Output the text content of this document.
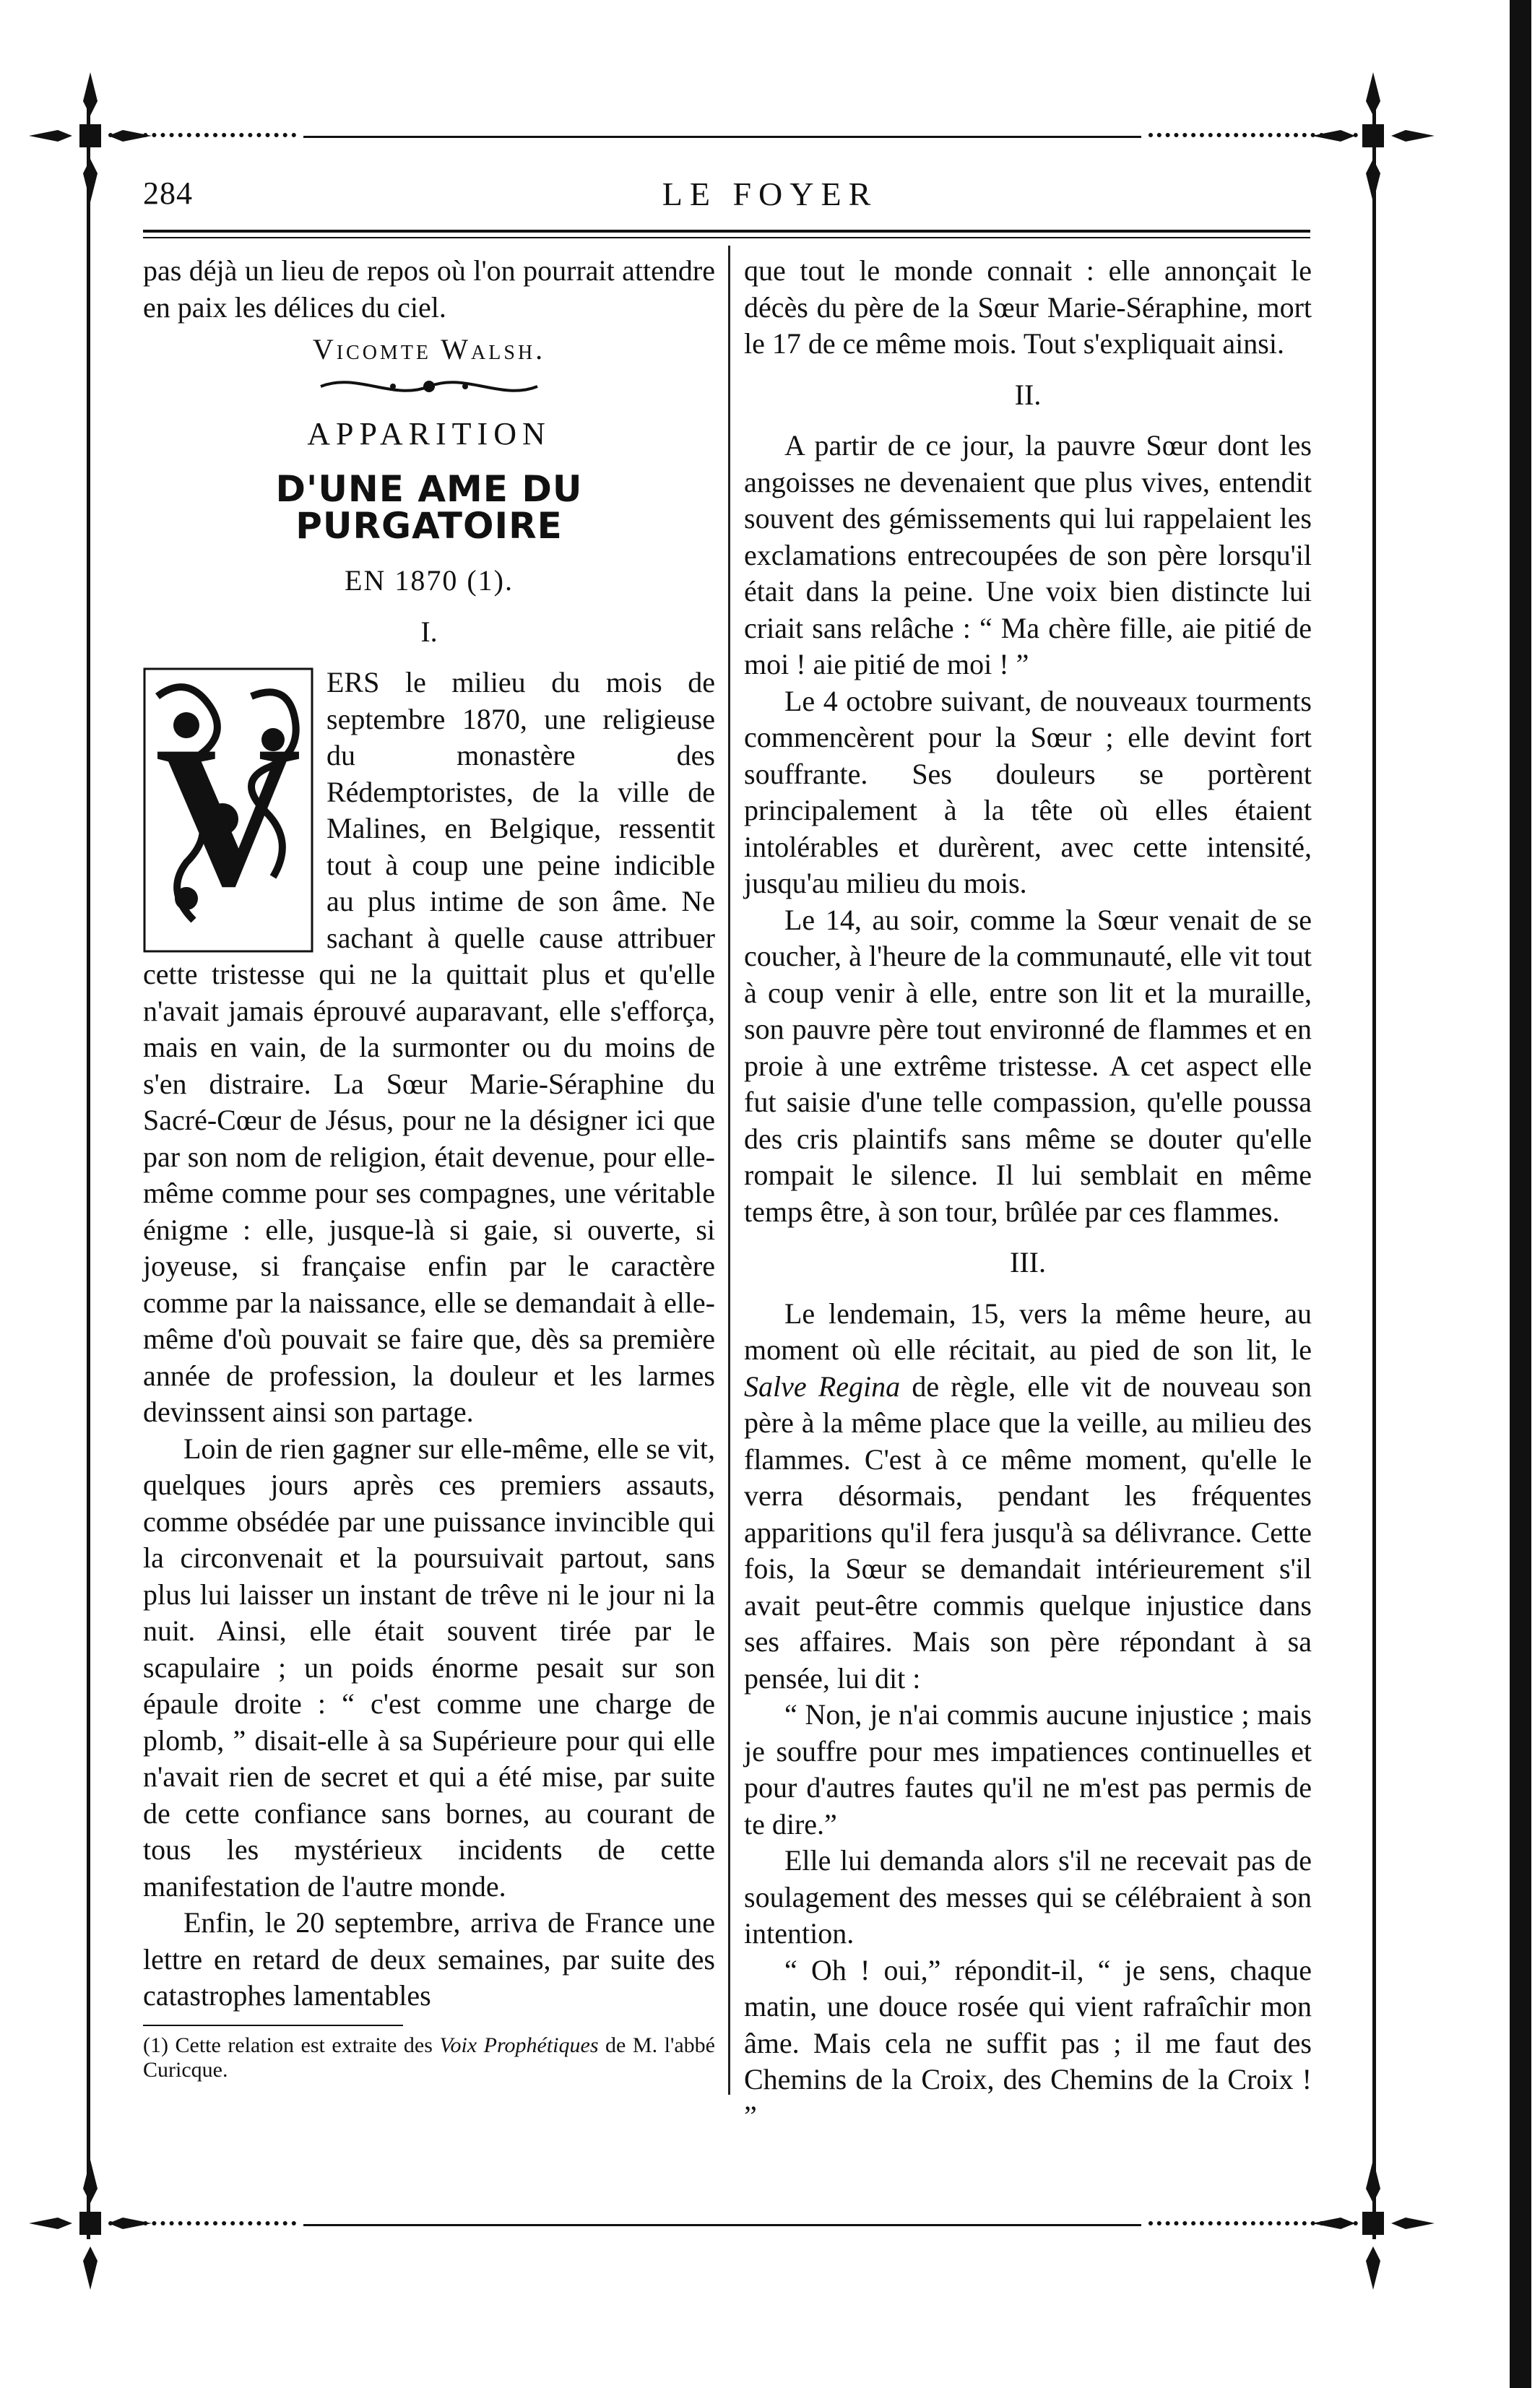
284	LE FOYER

pas déjà un lieu de repos où l'on pourrait attendre en paix les délices du ciel.

Vicomte Walsh.

APPARITION

D'UNE AME DU PURGATOIRE

EN 1870 (1).

I.

V

ERS le milieu du mois de septembre 1870, une religieuse du monastère des Rédemptoristes, de la ville de Malines, en Belgique, ressentit tout à coup une peine indicible au plus intime de son âme. Ne sachant à quelle cause attribuer cette tristesse qui ne la quittait plus et qu'elle n'avait jamais éprouvé auparavant, elle s'efforça, mais en vain, de la surmonter ou du moins de s'en distraire. La Sœur Marie-Séraphine du Sacré-Cœur de Jésus, pour ne la désigner ici que par son nom de religion, était devenue, pour elle-même comme pour ses compagnes, une véritable énigme : elle, jusque-là si gaie, si ouverte, si joyeuse, si française enfin par le caractère comme par la naissance, elle se demandait à elle-même d'où pouvait se faire que, dès sa première année de profession, la douleur et les larmes devinssent ainsi son partage.

Loin de rien gagner sur elle-même, elle se vit, quelques jours après ces premiers assauts, comme obsédée par une puissance invincible qui la circonvenait et la poursuivait partout, sans plus lui laisser un instant de trêve ni le jour ni la nuit. Ainsi, elle était souvent tirée par le scapulaire ; un poids énorme pesait sur son épaule droite : “ c'est comme une charge de plomb, ” disait-elle à sa Supérieure pour qui elle n'avait rien de secret et qui a été mise, par suite de cette confiance sans bornes, au courant de tous les mystérieux incidents de cette manifestation de l'autre monde.

Enfin, le 20 septembre, arriva de France une lettre en retard de deux semaines, par suite des catastrophes lamentables

(1) Cette relation est extraite des Voix Prophétiques de M. l'abbé Curicque.

que tout le monde connait : elle annonçait le décès du père de la Sœur Marie-Séraphine, mort le 17 de ce même mois. Tout s'expliquait ainsi.

II.

A partir de ce jour, la pauvre Sœur dont les angoisses ne devenaient que plus vives, entendit souvent des gémissements qui lui rappelaient les exclamations entrecoupées de son père lorsqu'il était dans la peine. Une voix bien distincte lui criait sans relâche : “ Ma chère fille, aie pitié de moi ! aie pitié de moi ! ”

Le 4 octobre suivant, de nouveaux tourments commencèrent pour la Sœur ; elle devint fort souffrante. Ses douleurs se portèrent principalement à la tête où elles étaient intolérables et durèrent, avec cette intensité, jusqu'au milieu du mois.

Le 14, au soir, comme la Sœur venait de se coucher, à l'heure de la communauté, elle vit tout à coup venir à elle, entre son lit et la muraille, son pauvre père tout environné de flammes et en proie à une extrême tristesse. A cet aspect elle fut saisie d'une telle compassion, qu'elle poussa des cris plaintifs sans même se douter qu'elle rompait le silence. Il lui semblait en même temps être, à son tour, brûlée par ces flammes.

III.

Le lendemain, 15, vers la même heure, au moment où elle récitait, au pied de son lit, le Salve Regina de règle, elle vit de nouveau son père à la même place que la veille, au milieu des flammes. C'est à ce même moment, qu'elle le verra désormais, pendant les fréquentes apparitions qu'il fera jusqu'à sa délivrance. Cette fois, la Sœur se demandait intérieurement s'il avait peut-être commis quelque injustice dans ses affaires. Mais son père répondant à sa pensée, lui dit :

“ Non, je n'ai commis aucune injustice ; mais je souffre pour mes impatiences continuelles et pour d'autres fautes qu'il ne m'est pas permis de te dire.”

Elle lui demanda alors s'il ne recevait pas de soulagement des messes qui se célébraient à son intention.

“ Oh ! oui,” répondit-il, “ je sens, chaque matin, une douce rosée qui vient rafraîchir mon âme. Mais cela ne suffit pas ; il me faut des Chemins de la Croix, des Chemins de la Croix ! ”
